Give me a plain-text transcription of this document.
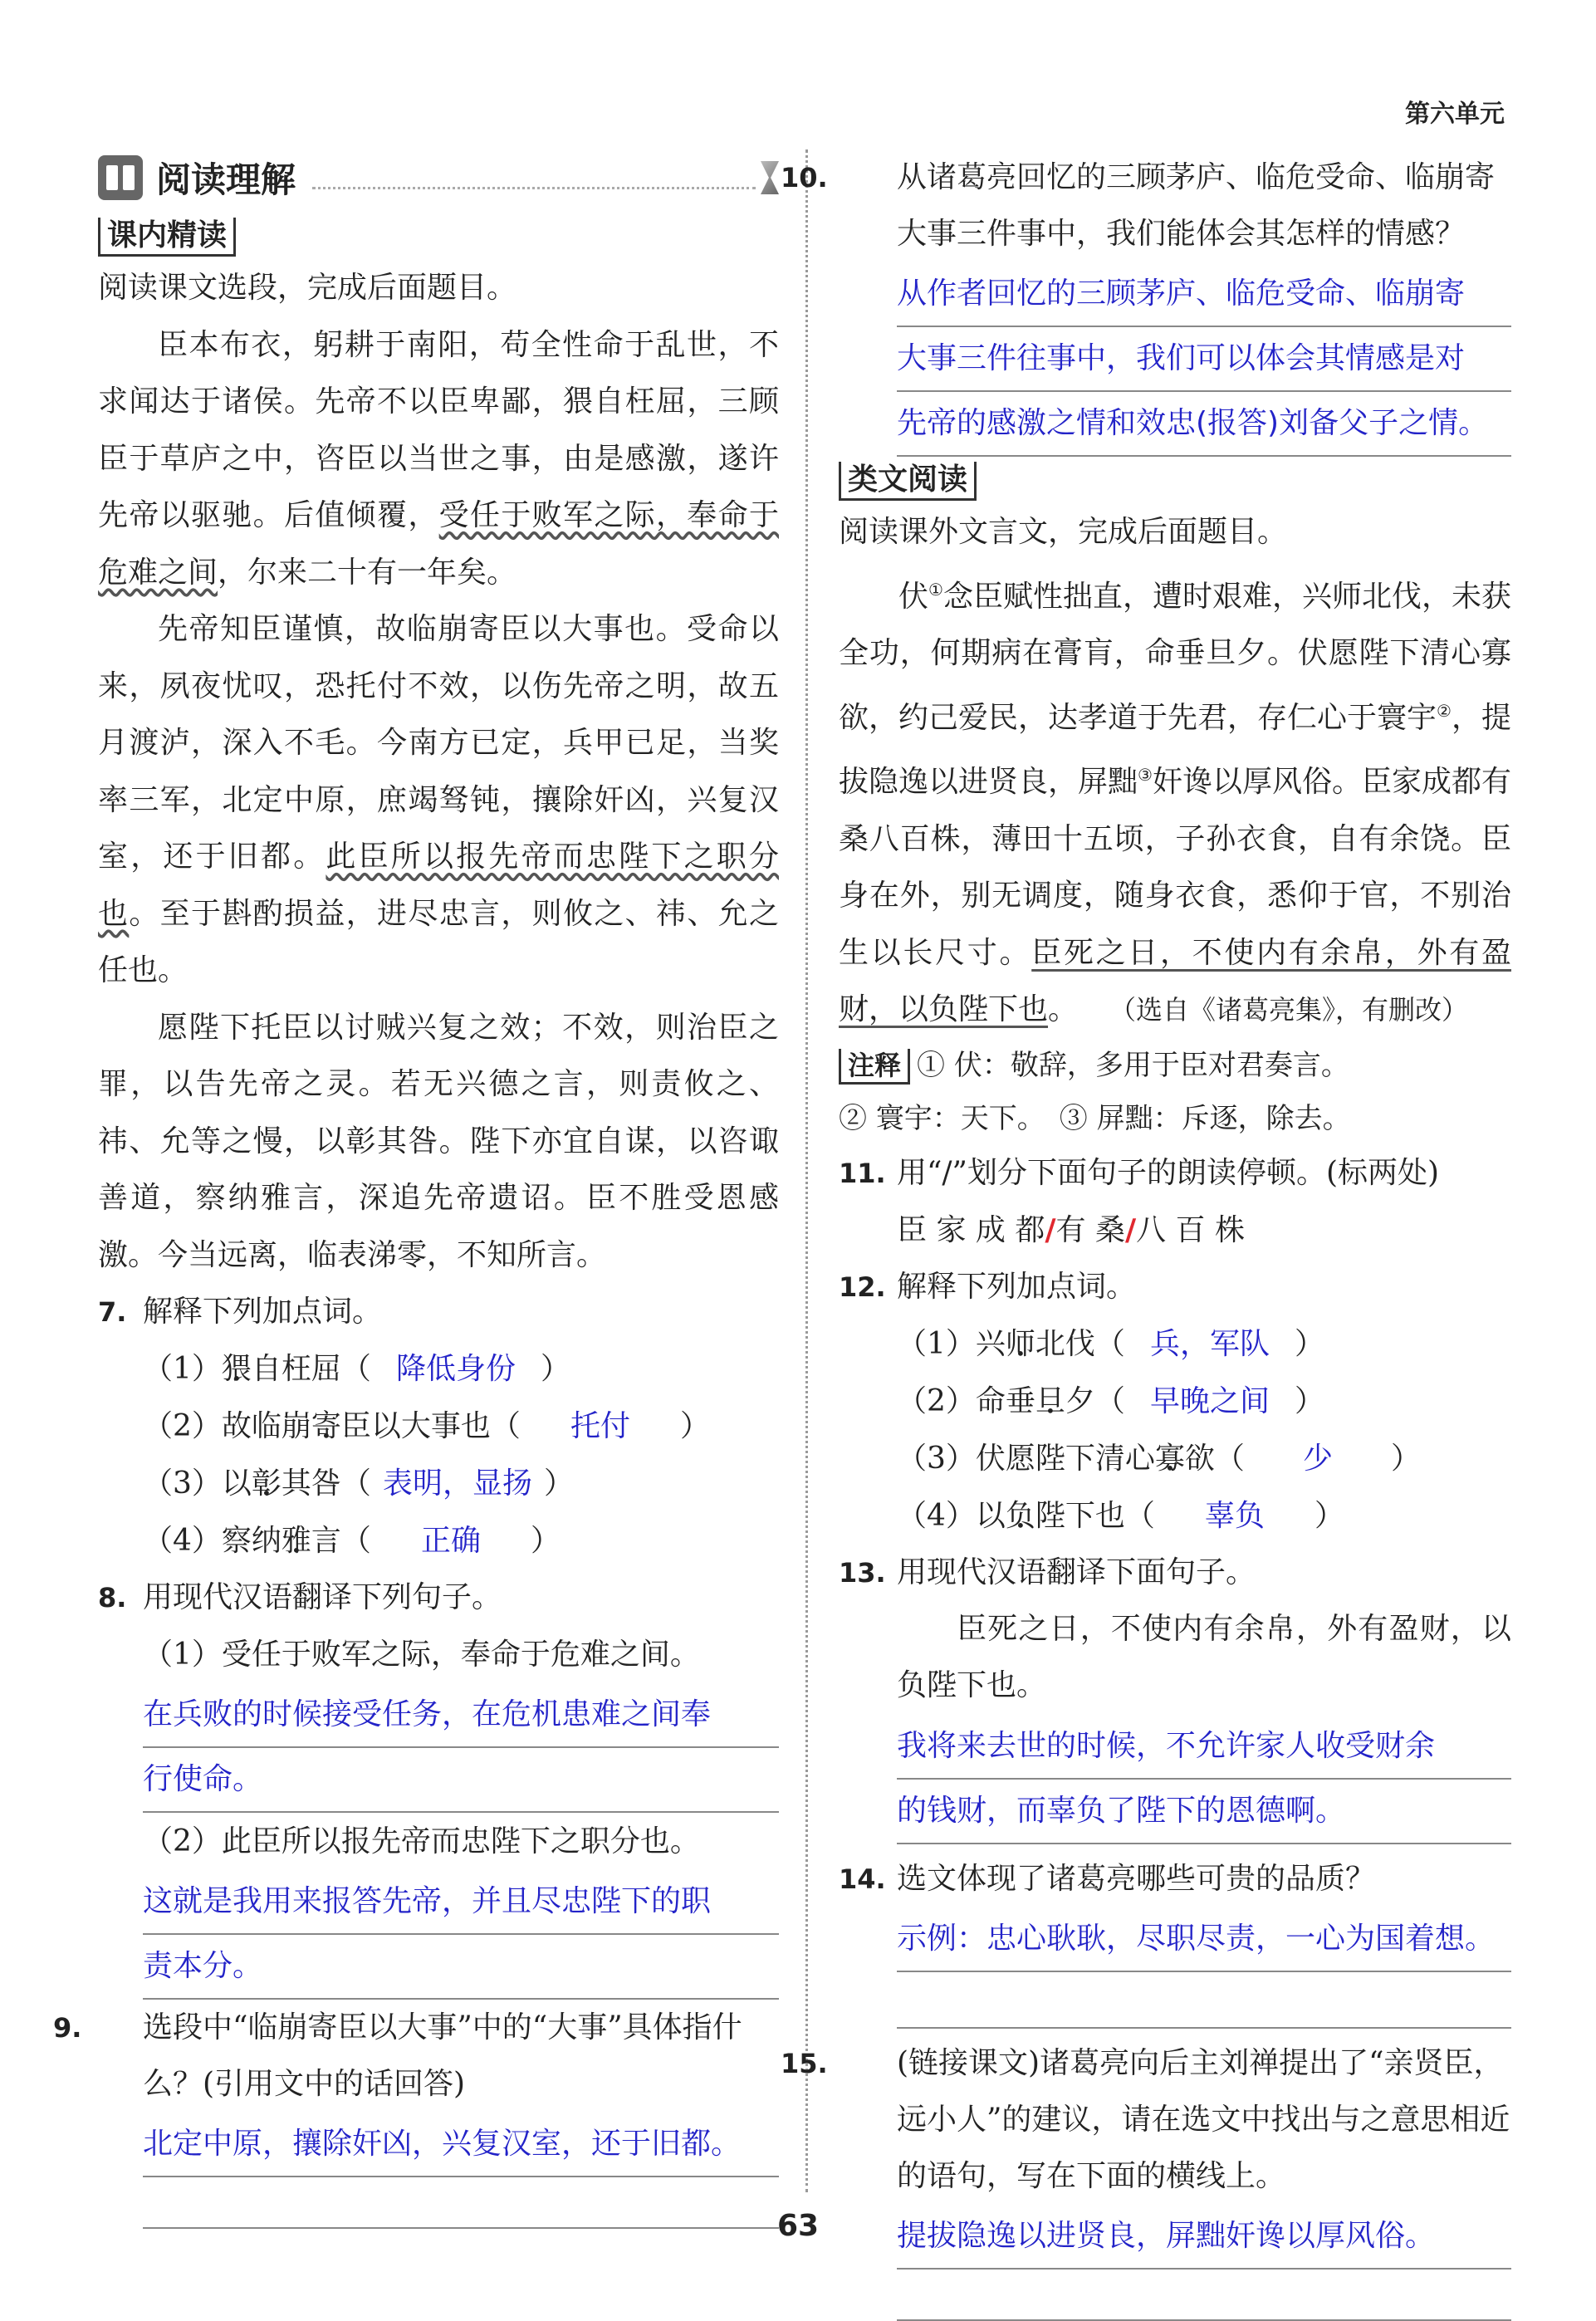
第六单元
阅读理解
课内精读

阅读课文选段，完成后面题目。

臣本布衣，躬耕于南阳，苟全性命于乱世，不求闻达于诸侯。先帝不以臣卑鄙，猥自枉屈，三顾臣于草庐之中，咨臣以当世之事，由是感激，遂许先帝以驱驰。后值倾覆，受任于败军之际，奉命于危难之间，尔来二十有一年矣。

先帝知臣谨慎，故临崩寄臣以大事也。受命以来，夙夜忧叹，恐托付不效，以伤先帝之明，故五月渡泸，深入不毛。今南方已定，兵甲已足，当奖率三军，北定中原，庶竭驽钝，攘除奸凶，兴复汉室，还于旧都。此臣所以报先帝而忠陛下之职分也。至于斟酌损益，进尽忠言，则攸之、祎、允之任也。

愿陛下托臣以讨贼兴复之效；不效，则治臣之罪，以告先帝之灵。若无兴德之言，则责攸之、祎、允等之慢，以彰其咎。陛下亦宜自谋，以咨诹善道，察纳雅言，深追先帝遗诏。臣不胜受恩感激。今当远离，临表涕零，不知所言。

7. 解释下列加点词。

（1）猥自枉屈（ 降低身份 ）

（2）故临崩寄臣以大事也（ 托付 ）

（3）以彰其咎（ 表明，显扬 ）

（4）察纳雅言（ 正确 ）

8. 用现代汉语翻译下列句子。

（1）受任于败军之际，奉命于危难之间。

在兵败的时候接受任务，在危机患难之间奉

行使命。

（2）此臣所以报先帝而忠陛下之职分也。

这就是我用来报答先帝，并且尽忠陛下的职

责本分。

9. 选段中“临崩寄臣以大事”中的“大事”具体指什么？(引用文中的话回答)

北定中原，攘除奸凶，兴复汉室，还于旧都。

10. 从诸葛亮回忆的三顾茅庐、临危受命、临崩寄大事三件事中，我们能体会其怎样的情感？

从作者回忆的三顾茅庐、临危受命、临崩寄

大事三件往事中，我们可以体会其情感是对

先帝的感激之情和效忠(报答)刘备父子之情。

类文阅读

阅读课外文言文，完成后面题目。

伏①念臣赋性拙直，遭时艰难，兴师北伐，未获全功，何期病在膏肓，命垂旦夕。伏愿陛下清心寡欲，约己爱民，达孝道于先君，存仁心于寰宇②，提拔隐逸以进贤良，屏黜③奸谗以厚风俗。臣家成都有桑八百株，薄田十五顷，子孙衣食，自有余饶。臣身在外，别无调度，随身衣食，悉仰于官，不别治生以长尺寸。臣死之日，不使内有余帛，外有盈财，以负陛下也。　　 （选自《诸葛亮集》，有删改）

注释 ① 伏：敬辞，多用于臣对君奏言。

② 寰宇：天下。　③ 屏黜：斥逐，除去。

11. 用“/”划分下面句子的朗读停顿。(标两处)

臣 家 成 都/有 桑/八 百 株

12. 解释下列加点词。

（1）兴师北伐（ 兵，军队 ）

（2）命垂旦夕（ 早晚之间 ）

（3）伏愿陛下清心寡欲（ 少 ）

（4）以负陛下也（ 辜负 ）

13. 用现代汉语翻译下面句子。

臣死之日，不使内有余帛，外有盈财，以负陛下也。

我将来去世的时候，不允许家人收受财余

的钱财，而辜负了陛下的恩德啊。

14. 选文体现了诸葛亮哪些可贵的品质？

示例：忠心耿耿，尽职尽责，一心为国着想。

15. (链接课文)诸葛亮向后主刘禅提出了“亲贤臣，远小人”的建议，请在选文中找出与之意思相近的语句，写在下面的横线上。

提拔隐逸以进贤良，屏黜奸谗以厚风俗。

63
